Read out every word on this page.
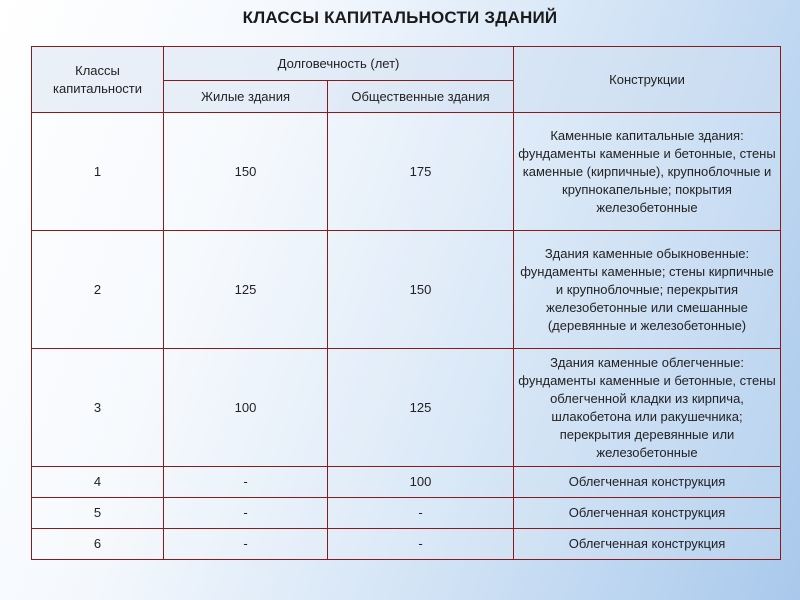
КЛАССЫ КАПИТАЛЬНОСТИ ЗДАНИЙ
Классы капитальности	Долговечность (лет)		Конструкции
	Жилые здания	Общественные здания	
1	150	175	Каменные капитальные здания: фундаменты каменные и бетонные, стены каменные (кирпичные), крупноблочные и крупнокапельные; покрытия железобетонные
2	125	150	Здания каменные обыкновенные: фундаменты каменные; стены кирпичные и крупноблочные; перекрытия железобетонные или смешанные (деревянные и железобетонные)
3	100	125	Здания каменные облегченные: фундаменты каменные и бетонные, стены облегченной кладки из кирпича, шлакобетона или ракушечника; перекрытия деревянные или железобетонные
4	-	100	Облегченная конструкция
5	-	-	Облегченная конструкция
6	-	-	Облегченная конструкция
